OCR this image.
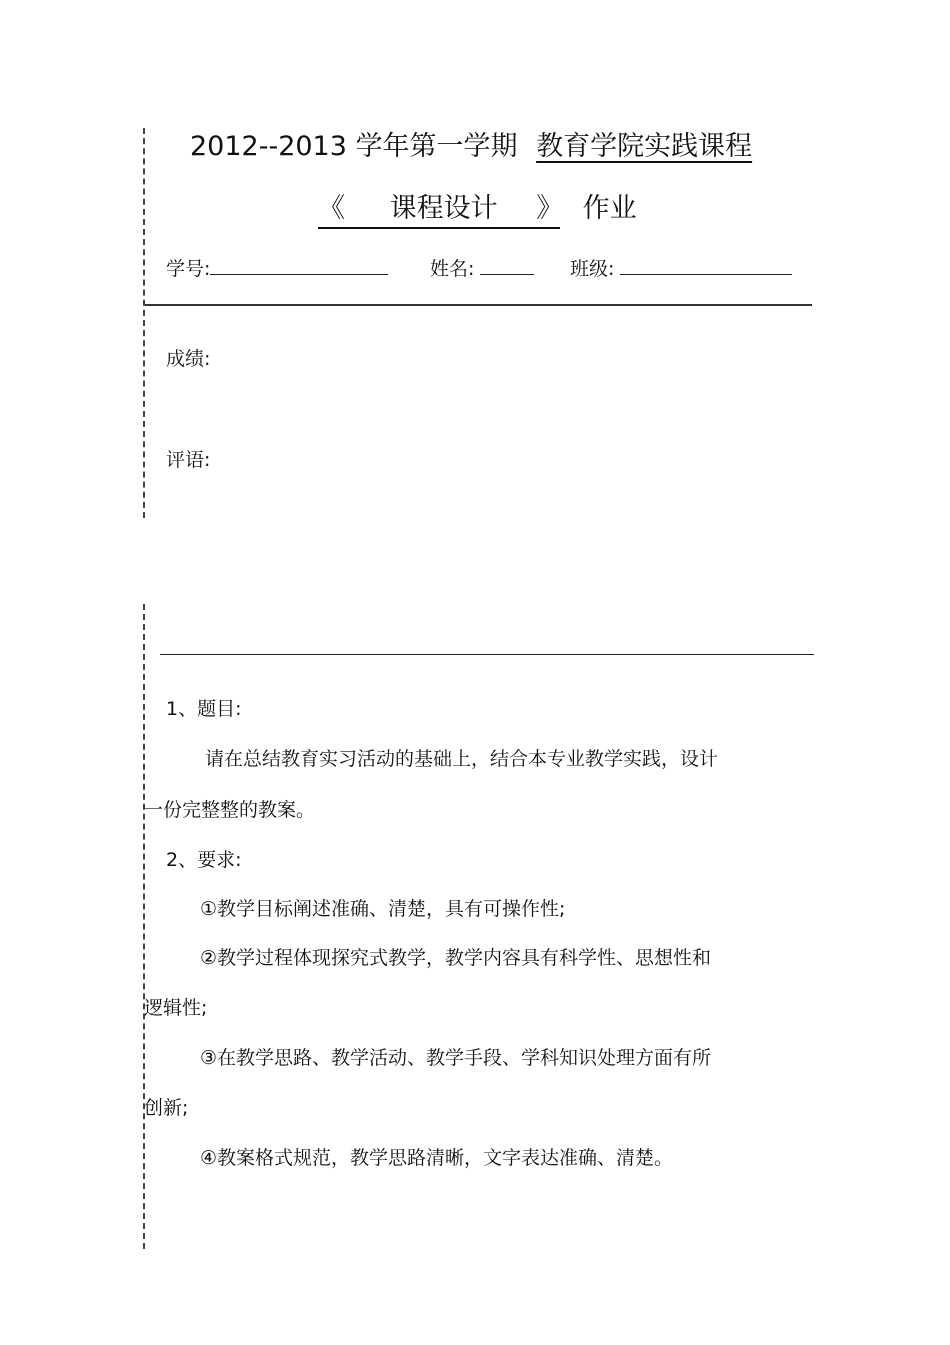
2012--2013 学年第一学期 教育学院实践课程
《 课程设计 》 作业
学号:	姓名:	班级:
成绩:
评语:
1、题目:
请在总结教育实习活动的基础上，结合本专业教学实践，设计
一份完整整的教案。
2、要求:
①教学目标阐述准确、清楚，具有可操作性;
②教学过程体现探究式教学，教学内容具有科学性、思想性和
逻辑性;
③在教学思路、教学活动、教学手段、学科知识处理方面有所
创新;
④教案格式规范，教学思路清晰，文字表达准确、清楚。
